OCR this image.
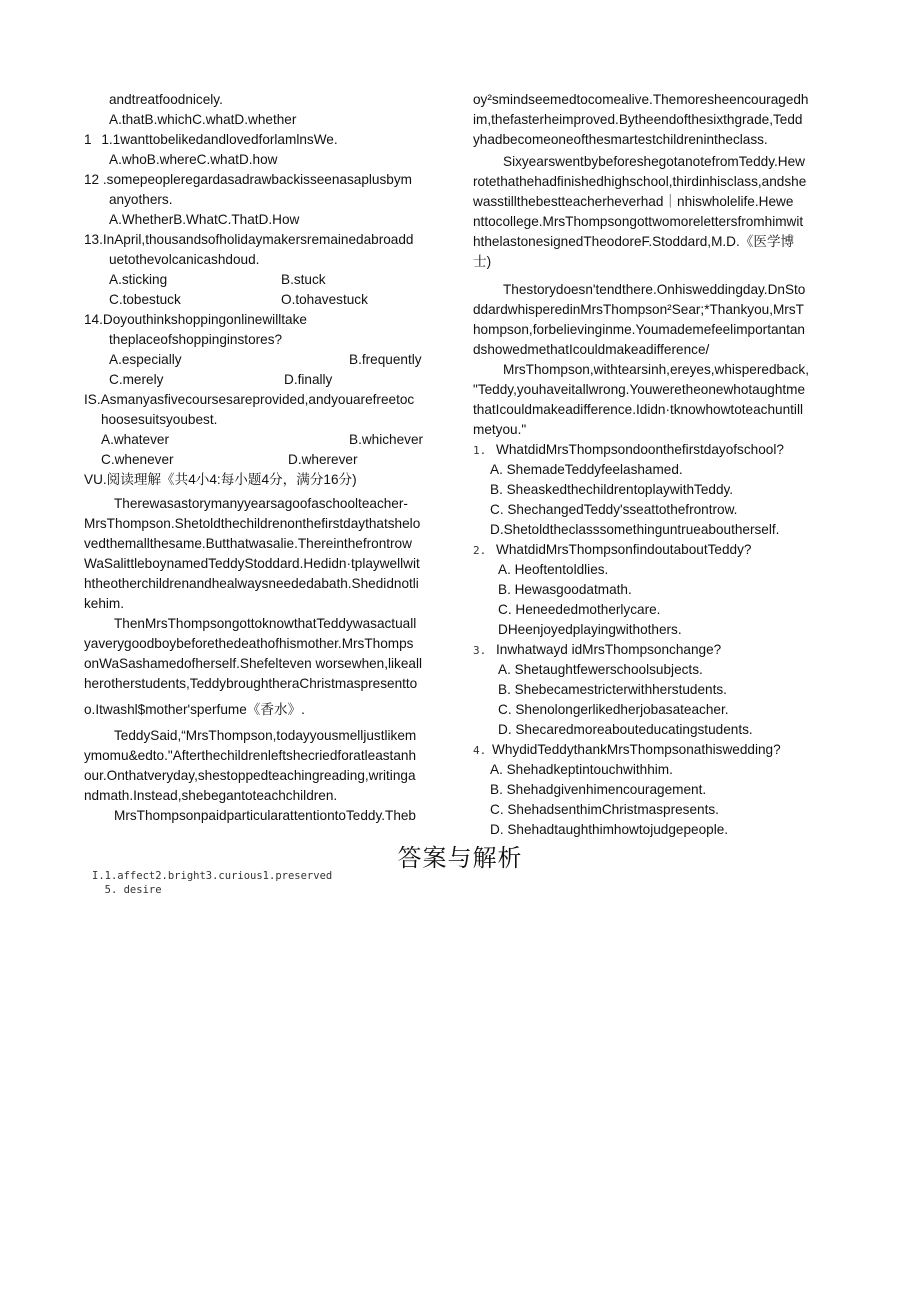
andtreatfoodnicely.
A.thatB.whichC.whatD.whether
1 1.1wanttobelikedandlovedforlamlnsWe.
A.whoB.whereC.whatD.how
12 .somepeopleregardasadrawbackisseenasaplusbym
anyothers.
A.WhetherB.WhatC.ThatD.How
13.InApril,thousandsofholidaymakersremainedabroadd
uetothevolcanicashdoud.
A.sticking	B.stuck
C.tobestuck	O.tohavestuck
14.Doyouthinkshoppingonlinewilltake
theplaceofshoppinginstores?
A.especially	B.frequently
C.merely	D.finally
IS.Asmanyasfivecoursesareprovided,andyouarefreetoc
hoosesuitsyoubest.
A.whatever	B.whichever
C.whenever	D.wherever
VU.阅读理解《共4小4:每小题4分，满分16分)
Therewasastorymanyyearsagoofaschoolteacher-
MrsThompson.Shetoldthechildrenonthefirstdaythatshelo
vedthemallthesame.Butthatwasalie.Thereinthefrontrow
WaSalittleboynamedTeddyStoddard.Hedidn·tplaywellwit
htheotherchildrenandhealwaysneededabath.Shedidnotli
kehim.
ThenMrsThompsongottoknowthatTeddywasactuall
yaverygoodboybeforethedeathofhismother.MrsThomps
onWaSashamedofherself.Shefelteven worsewhen,likeall
herotherstudents,TeddybroughtheraChristmaspresentto
o.Itwashl$mother'sperfume《香水》.
TeddySaid,“MrsThompson,todayyousmelljustlikem
ymomu&edto."Afterthechildrenleftshecriedforatleastanh
our.Onthatveryday,shestoppedteachingreading,writinga
ndmath.Instead,shebegantoteachchildren.
MrsThompsonpaidparticularattentiontoTeddy.Theb
oy²smindseemedtocomealive.Themoresheencouragedh
im,thefasterheimproved.Bytheendofthesixthgrade,Tedd
yhadbecomeoneofthesmartestchildrenintheclass.
SixyearswentbybeforeshegotanotefromTeddy.Hew
rotethathehadfinishedhighschool,thirdinhisclass,andshe
wasstillthebestteacherheverhad｜nhiswholelife.Hewe
nttocollege.MrsThompsongottwomorelettersfromhimwit
hthelastonesignedTheodoreF.Stoddard,M.D.《医学博
士)
Thestorydoesn'tendthere.Onhisweddingday.DnSto
ddardwhisperedinMrsThompson²Sear;*Thankyou,MrsT
hompson,forbelievinginme.Youmademefeelimportantan
dshowedmethatIcouldmakeadifference/
MrsThompson,withtearsinh,ereyes,whisperedback,
"Teddy,youhaveitallwrong.Youweretheonewhotaughtme
thatIcouldmakeadifference.Ididn·tknowhowtoteachuntill
metyou."
1. WhatdidMrsThompsondoonthefirstdayofschool?
A. ShemadeTeddyfeelashamed.
B. SheaskedthechildrentoplaywithTeddy.
C. ShechangedTeddy'sseattothefrontrow.
D.Shetoldtheclasssomethinguntrueaboutherself.
2. WhatdidMrsThompsonfindoutaboutTeddy?
A. Heoftentoldlies.
B. Hewasgoodatmath.
C. Heneededmotherlycare.
DHeenjoyedplayingwithothers.
3. Inwhatwayd idMrsThompsonchange?
A. Shetaughtfewerschoolsubjects.
B. Shebecamestricterwithherstudents.
C. Shenolongerlikedherjobasateacher.
D. Shecaredmoreabouteducatingstudents.
4. WhydidTeddythankMrsThompsonathiswedding?
A. Shehadkeptintouchwithhim.
B. Shehadgivenhimencouragement.
C. ShehadsenthimChristmaspresents.
D. Shehadtaughthimhowtojudgepeople.
答案与解析
I.1.affect2.bright3.curious1.preserved
5. desire
